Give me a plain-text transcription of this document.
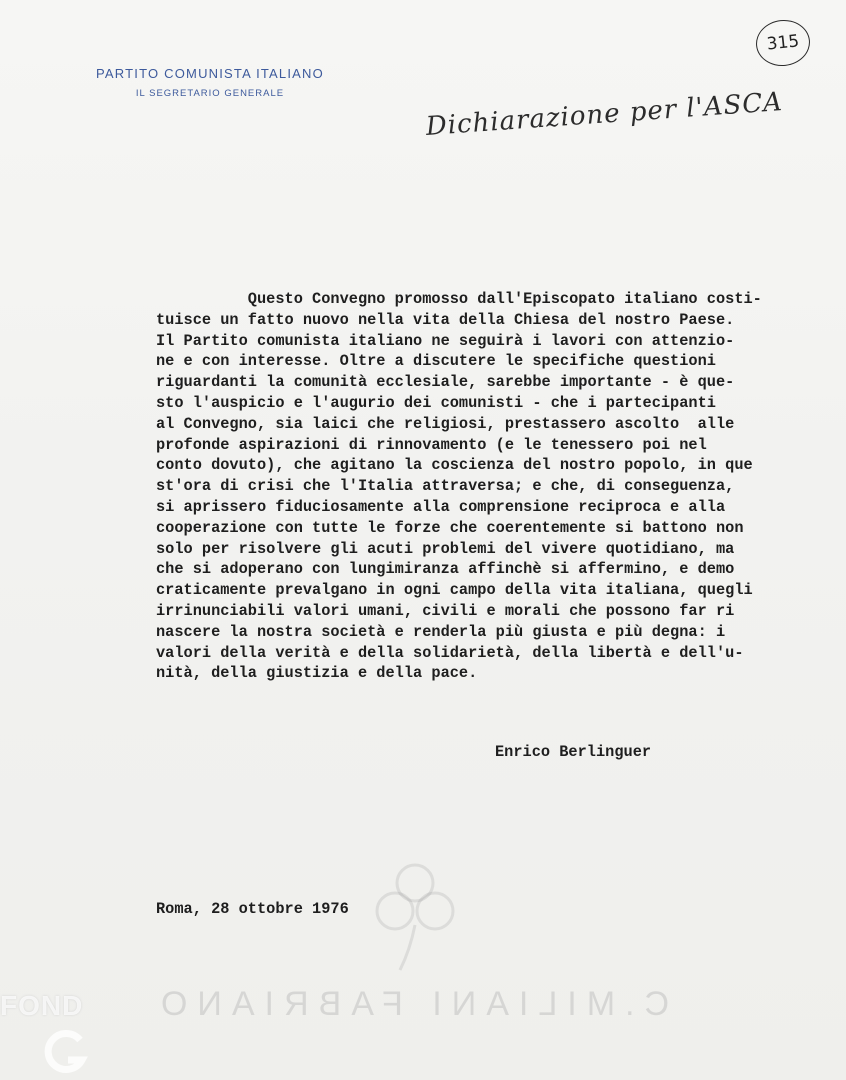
PARTITO COMUNISTA ITALIANO
IL SEGRETARIO GENERALE
315
Dichiarazione per l'ASCA
Questo Convegno promosso dall'Episcopato italiano costi-
tuisce un fatto nuovo nella vita della Chiesa del nostro Paese.
Il Partito comunista italiano ne seguirà i lavori con attenzio-
ne e con interesse. Oltre a discutere le specifiche questioni
riguardanti la comunità ecclesiale, sarebbe importante - è que-
sto l'auspicio e l'augurio dei comunisti - che i partecipanti
al Convegno, sia laici che religiosi, prestassero ascolto  alle
profonde aspirazioni di rinnovamento (e le tenessero poi nel
conto dovuto), che agitano la coscienza del nostro popolo, in que
st'ora di crisi che l'Italia attraversa; e che, di conseguenza,
si aprissero fiduciosamente alla comprensione reciproca e alla
cooperazione con tutte le forze che coerentemente si battono non
solo per risolvere gli acuti problemi del vivere quotidiano, ma
che si adoperano con lungimiranza affinchè si affermino, e demo
craticamente prevalgano in ogni campo della vita italiana, quegli
irrinunciabili valori umani, civili e morali che possono far ri
nascere la nostra società e renderla più giusta e più degna: i
valori della verità e della solidarietà, della libertà e dell'u-
nità, della giustizia e della pace.
Enrico Berlinguer
Roma, 28 ottobre 1976
C.MILIANI FABRIANO
FOND
